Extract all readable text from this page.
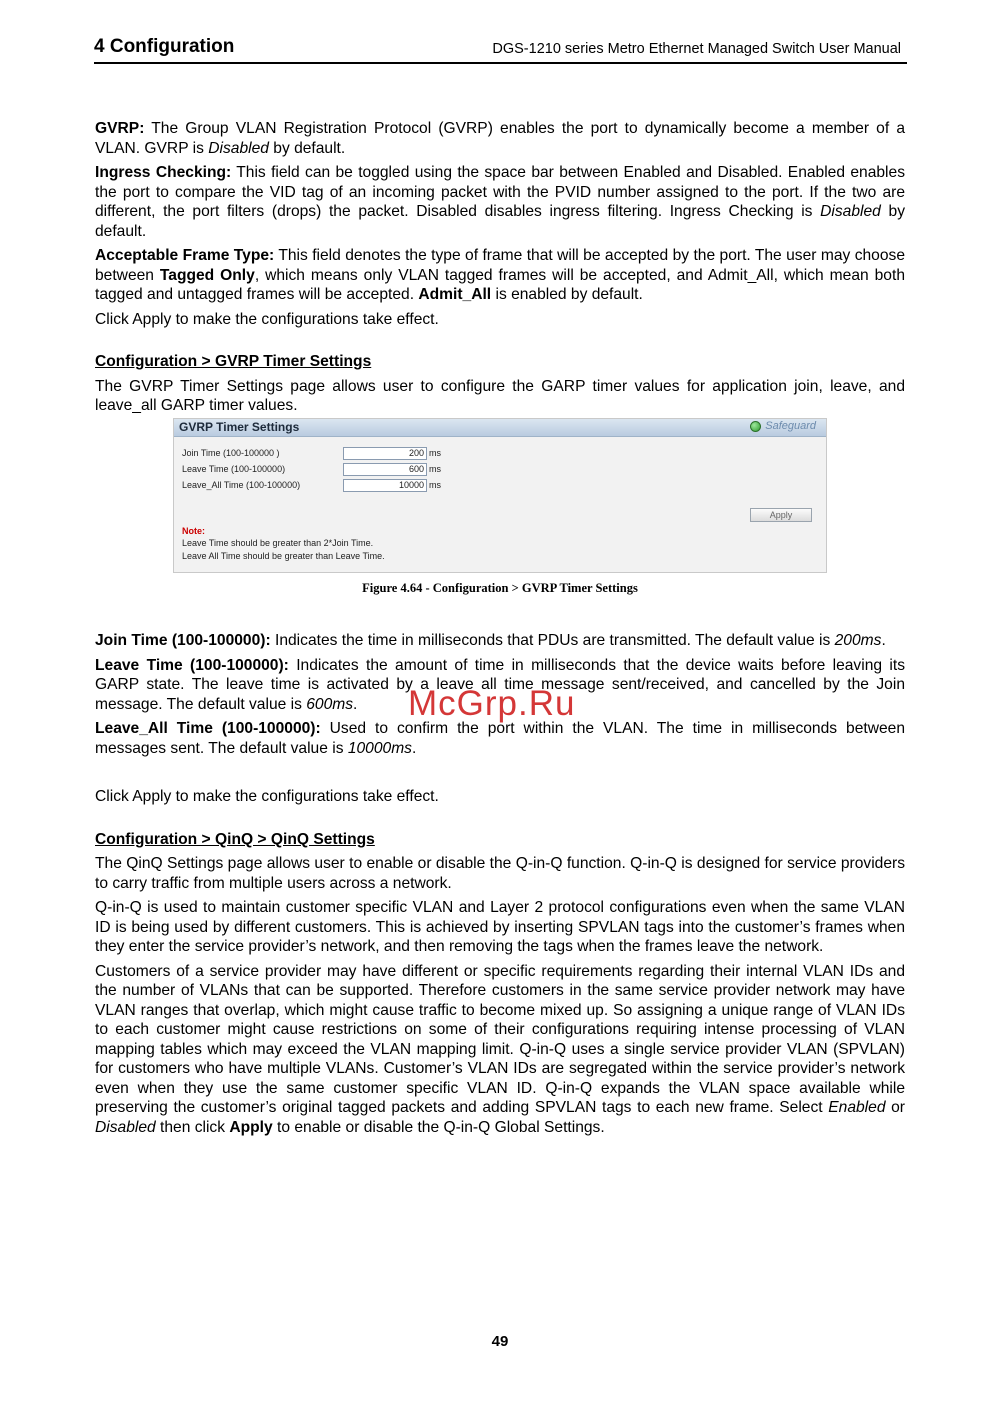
4 Configuration	DGS-1210 series Metro Ethernet Managed Switch User Manual

GVRP: The Group VLAN Registration Protocol (GVRP) enables the port to dynamically become a member of a VLAN. GVRP is Disabled by default.

Ingress Checking: This field can be toggled using the space bar between Enabled and Disabled. Enabled enables the port to compare the VID tag of an incoming packet with the PVID number assigned to the port. If the two are different, the port filters (drops) the packet. Disabled disables ingress filtering. Ingress Checking is Disabled by default.

Acceptable Frame Type: This field denotes the type of frame that will be accepted by the port. The user may choose between Tagged Only, which means only VLAN tagged frames will be accepted, and Admit_All, which mean both tagged and untagged frames will be accepted. Admit_All is enabled by default.

Click Apply to make the configurations take effect.

Configuration > GVRP Timer Settings

The GVRP Timer Settings page allows user to configure the GARP timer values for application join, leave, and leave_all GARP timer values.

GVRP Timer Settings	Safeguard
Join Time (100-100000 )	200 ms
Leave Time (100-100000)	600 ms
Leave_All Time (100-100000)	10000 ms
Apply
Note:
Leave Time should be greater than 2*Join Time.
Leave All Time should be greater than Leave Time.

Figure 4.64 - Configuration > GVRP Timer Settings

Join Time (100-100000): Indicates the time in milliseconds that PDUs are transmitted. The default value is 200ms.

Leave Time (100-100000): Indicates the amount of time in milliseconds that the device waits before leaving its GARP state. The leave time is activated by a leave all time message sent/received, and cancelled by the Join message. The default value is 600ms.

Leave_All Time (100-100000): Used to confirm the port within the VLAN. The time in milliseconds between messages sent. The default value is 10000ms.

Click Apply to make the configurations take effect.

Configuration > QinQ > QinQ Settings

The QinQ Settings page allows user to enable or disable the Q-in-Q function. Q-in-Q is designed for service providers to carry traffic from multiple users across a network.

Q-in-Q is used to maintain customer specific VLAN and Layer 2 protocol configurations even when the same VLAN ID is being used by different customers. This is achieved by inserting SPVLAN tags into the customer’s frames when they enter the service provider’s network, and then removing the tags when the frames leave the network.

Customers of a service provider may have different or specific requirements regarding their internal VLAN IDs and the number of VLANs that can be supported. Therefore customers in the same service provider network may have VLAN ranges that overlap, which might cause traffic to become mixed up. So assigning a unique range of VLAN IDs to each customer might cause restrictions on some of their configurations requiring intense processing of VLAN mapping tables which may exceed the VLAN mapping limit. Q-in-Q uses a single service provider VLAN (SPVLAN) for customers who have multiple VLANs. Customer’s VLAN IDs are segregated within the service provider’s network even when they use the same customer specific VLAN ID. Q-in-Q expands the VLAN space available while preserving the customer’s original tagged packets and adding SPVLAN tags to each new frame. Select Enabled or Disabled then click Apply to enable or disable the Q-in-Q Global Settings.

McGrp.Ru
49
